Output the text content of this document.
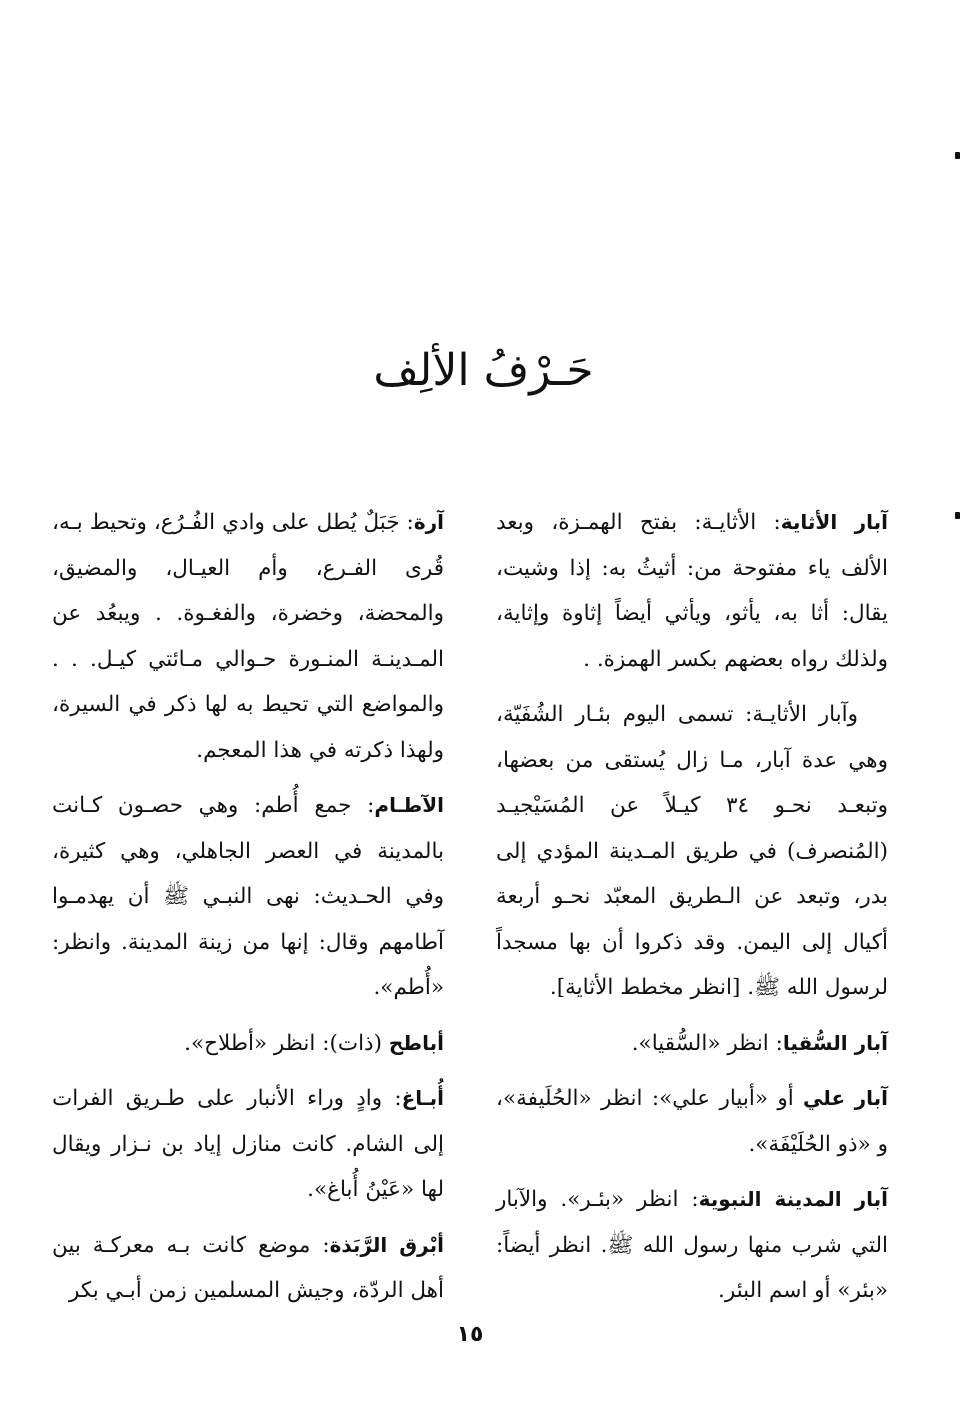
حَـرْفُ الألِف

آبار الأثاية: الأثايـة: بفتح الهمـزة، وبعد الألف ياء مفتوحة من: أثيثُ به: إذا وشيت، يقال: أثا به، يأثو، ويأثي أيضاً إثاوة وإثاية، ولذلك رواه بعضهم بكسر الهمزة. .

وآبار الأثايـة: تسمى اليوم بئـار الشُفَيّة، وهي عدة آبار، مـا زال يُستقى من بعضها، وتبعـد نحـو ٣٤ كيـلاً عن المُسَيْجيـد (المُنصرف) في طريق المـدينة المؤدي إلى بدر، وتبعد عن الـطريق المعبّد نحـو أربعة أكيال إلى اليمن. وقد ذكروا أن بها مسجداً لرسول الله ﷺ. [انظر مخطط الأثاية].

آبار السُّقيا: انظر «السُّقيا».

آبار علي أو «أبيار علي»: انظر «الحُلَيفة»، و «ذو الحُلَيْفَة».

آبار المدينة النبوية: انظر «بئـر». والآبار التي شرب منها رسول الله ﷺ. انظر أيضاً: «بئر» أو اسم البئر.

آرة: جَبَلٌ يُطل على وادي الفُـرُع، وتحيط بـه، قُرى الفـرع، وأم العيـال، والمضيق، والمحضة، وخضرة، والفغـوة. . ويبعُد عن المـدينـة المنـورة حـوالي مـائتي كيـل. . . والمواضع التي تحيط به لها ذكر في السيرة، ولهذا ذكرته في هذا المعجم.

الآطـام: جمع أُطم: وهي حصـون كـانت بالمدينة في العصر الجاهلي، وهي كثيرة، وفي الحـديث: نهى النبـي ﷺ أن يهدمـوا آطامهم وقال: إنها من زينة المدينة. وانظر: «أُطم».

أباطح (ذات): انظر «أطلاح».

أُبـاغ: وادٍ وراء الأنبار على طـريق الفرات إلى الشام. كانت منازل إياد بن نـزار ويقال لها «عَيْنُ أُباغ».

أبْرق الرَّبَذة: موضع كانت بـه معركـة بين أهل الردّة، وجيش المسلمين زمن أبـي بكر

١٥
